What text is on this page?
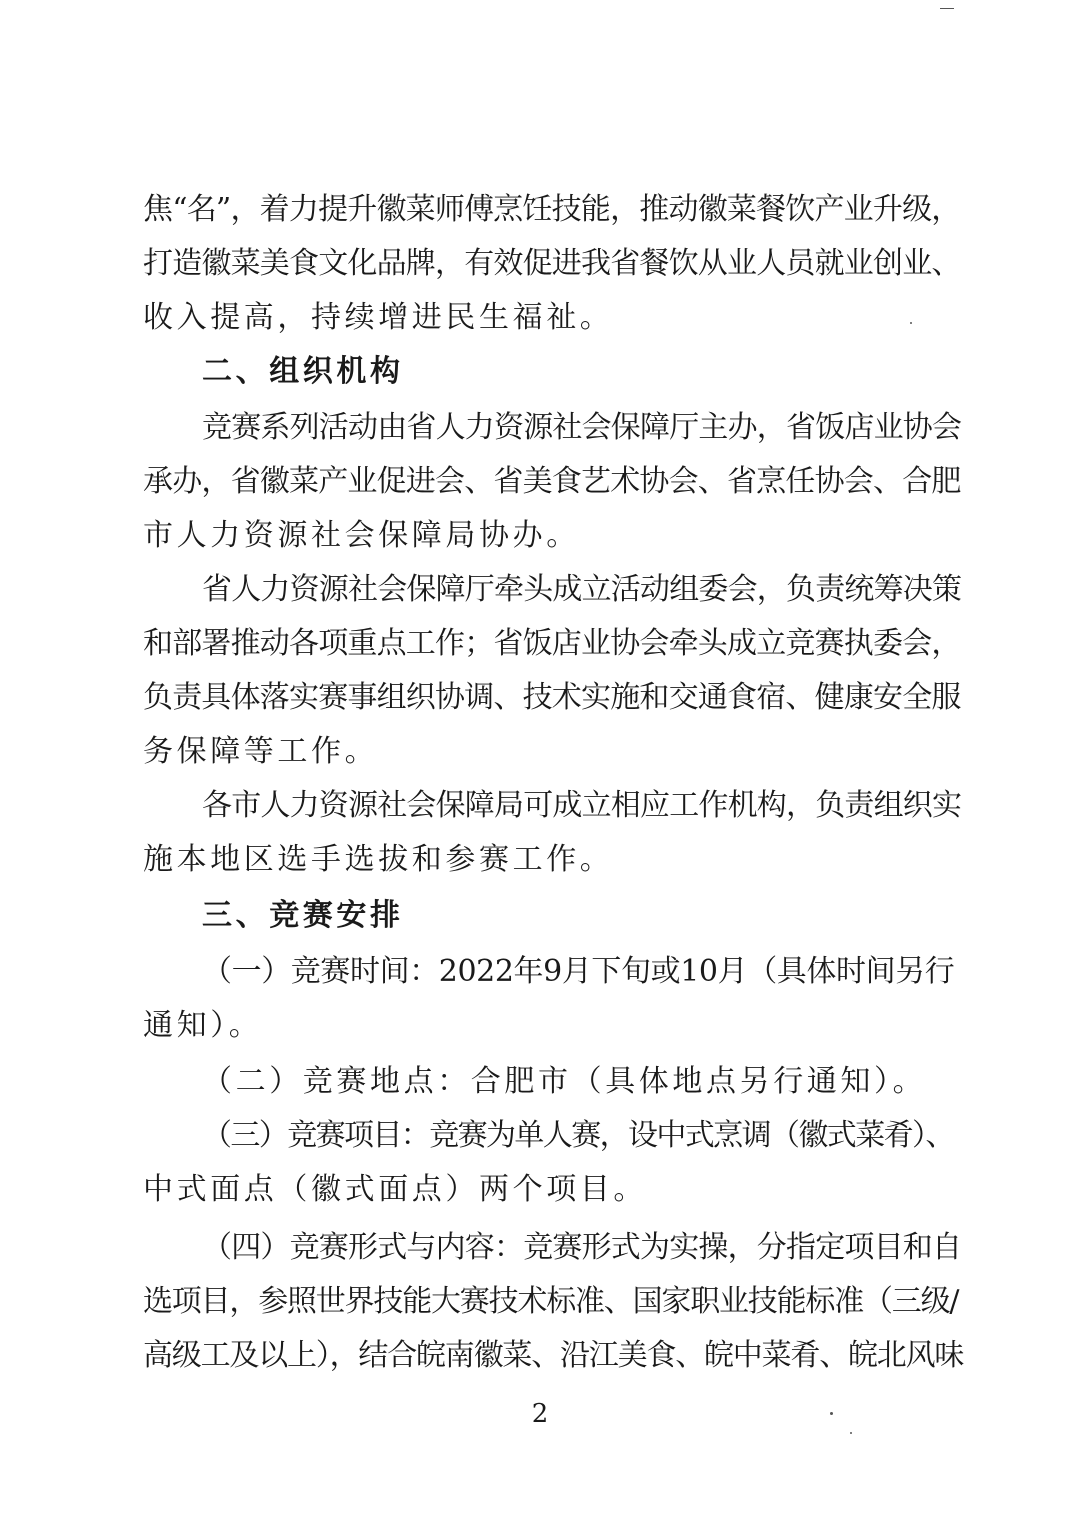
焦“名”，着力提升徽菜师傅烹饪技能，推动徽菜餐饮产业升级，
打造徽菜美食文化品牌，有效促进我省餐饮从业人员就业创业、
收入提高，持续增进民生福祉。
二、组织机构
竞赛系列活动由省人力资源社会保障厅主办，省饭店业协会
承办，省徽菜产业促进会、省美食艺术协会、省烹任协会、合肥
市人力资源社会保障局协办。
省人力资源社会保障厅牵头成立活动组委会，负责统筹决策
和部署推动各项重点工作；省饭店业协会牵头成立竞赛执委会，
负责具体落实赛事组织协调、技术实施和交通食宿、健康安全服
务保障等工作。
各市人力资源社会保障局可成立相应工作机构，负责组织实
施本地区选手选拔和参赛工作。
三、竞赛安排
（一）竞赛时间：2022年9月下旬或10月（具体时间另行
通知）。
（二）竞赛地点：合肥市（具体地点另行通知）。
（三）竞赛项目：竞赛为单人赛，设中式烹调（徽式菜肴）、
中式面点（徽式面点）两个项目。
（四）竞赛形式与内容：竞赛形式为实操，分指定项目和自
选项目，参照世界技能大赛技术标准、国家职业技能标准（三级/
高级工及以上），结合皖南徽菜、沿江美食、皖中菜肴、皖北风味
2
